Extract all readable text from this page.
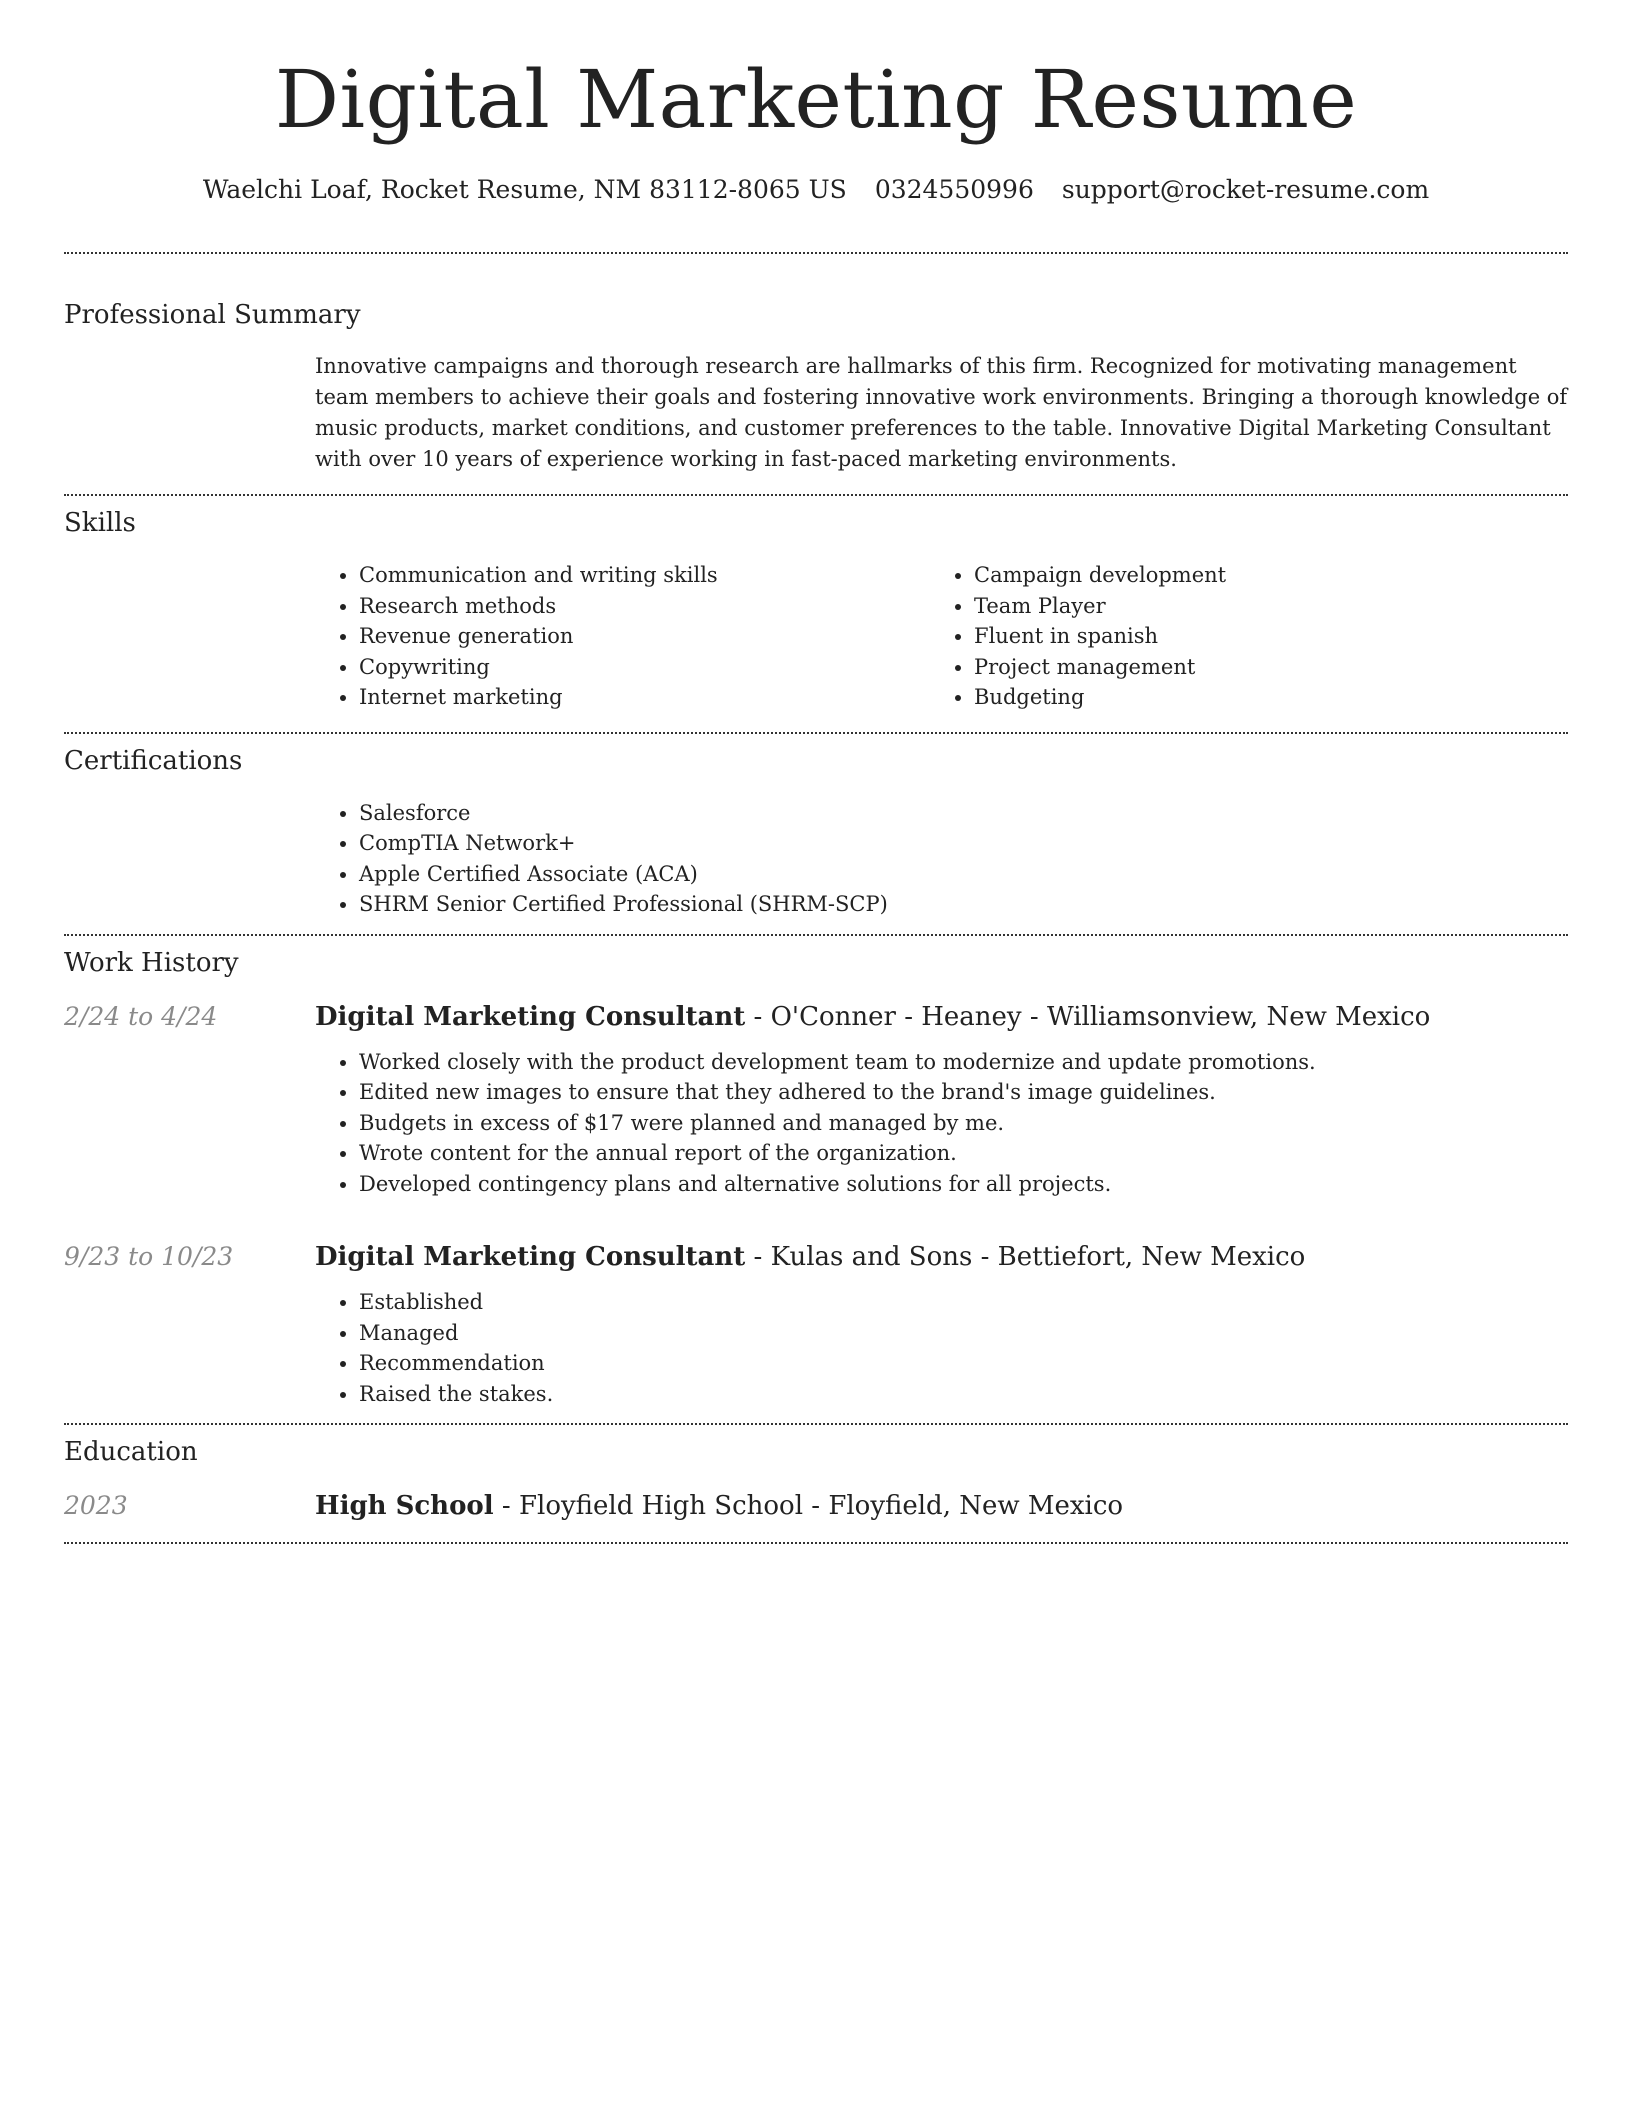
Digital Marketing Resume
Waelchi Loaf, Rocket Resume, NM 83112-8065 US 0324550996 support@rocket-resume.com
Professional Summary

Innovative campaigns and thorough research are hallmarks of this firm. Recognized for motivating management team members to achieve their goals and fostering innovative work environments. Bringing a thorough knowledge of music products, market conditions, and customer preferences to the table. Innovative Digital Marketing Consultant with over 10 years of experience working in fast-paced marketing environments.

Skills
• Communication and writing skills
• Research methods
• Revenue generation
• Copywriting
• Internet marketing
• Campaign development
• Team Player
• Fluent in spanish
• Project management
• Budgeting
Certifications
• Salesforce
• CompTIA Network+
• Apple Certified Associate (ACA)
• SHRM Senior Certified Professional (SHRM-SCP)
Work History
2/24 to 4/24	Digital Marketing Consultant - O'Conner - Heaney - Williamsonview, New Mexico
• Worked closely with the product development team to modernize and update promotions.
• Edited new images to ensure that they adhered to the brand's image guidelines.
• Budgets in excess of $17 were planned and managed by me.
• Wrote content for the annual report of the organization.
• Developed contingency plans and alternative solutions for all projects.
9/23 to 10/23	Digital Marketing Consultant - Kulas and Sons - Bettiefort, New Mexico
• Established
• Managed
• Recommendation
• Raised the stakes.
Education
2023	High School - Floyfield High School - Floyfield, New Mexico
